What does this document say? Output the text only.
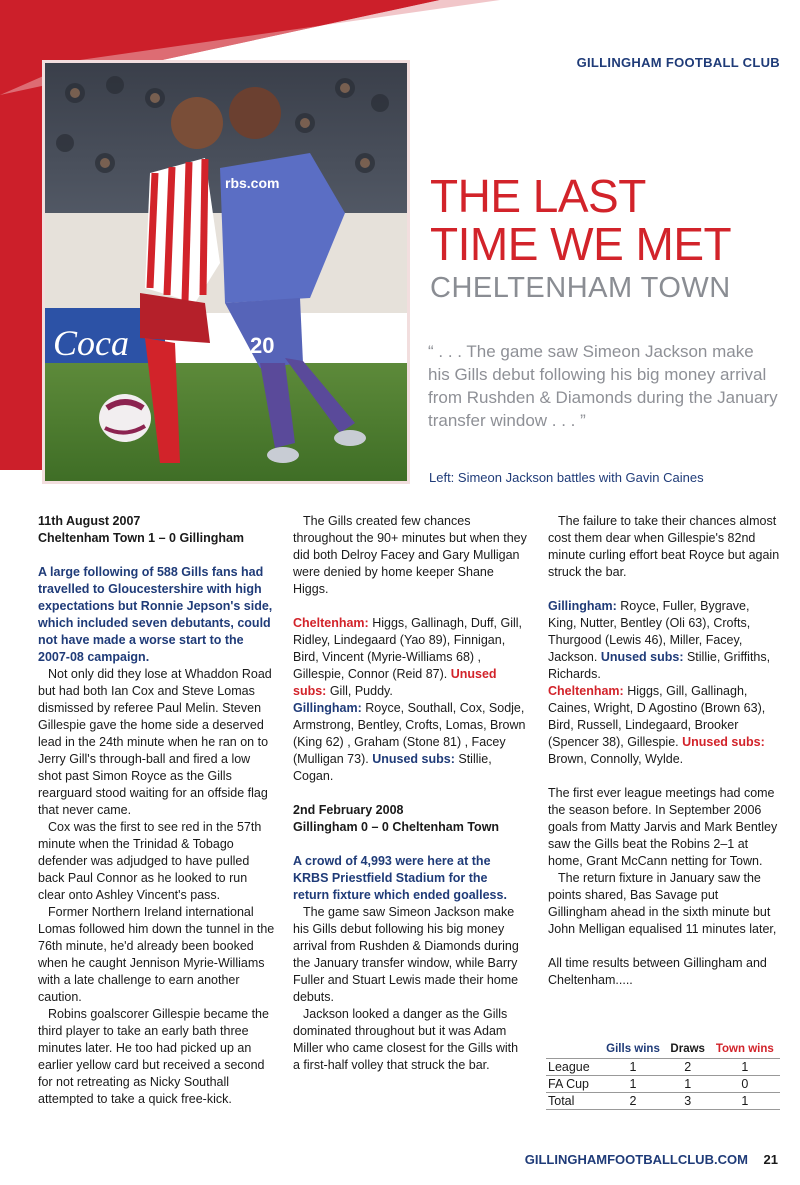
GILLINGHAM FOOTBALL CLUB
Coca
rbs.com
20
THE LAST
TIME WE MET
CHELTENHAM TOWN
“ . . . The game saw Simeon Jackson make his Gills debut following his big money arrival from Rushden & Diamonds during the January transfer window . . . ”
Left: Simeon Jackson battles with Gavin Caines

11th August 2007

Cheltenham Town 1 – 0 Gillingham

A large following of 588 Gills fans had travelled to Gloucestershire with high expectations but Ronnie Jepson's side, which included seven debutants, could not have made a worse start to the 2007-08 campaign.

Not only did they lose at Whaddon Road but had both Ian Cox and Steve Lomas dismissed by referee Paul Melin. Steven Gillespie gave the home side a deserved lead in the 24th minute when he ran on to Jerry Gill's through-ball and fired a low shot past Simon Royce as the Gills rearguard stood waiting for an offside flag that never came.

Cox was the first to see red in the 57th minute when the Trinidad & Tobago defender was adjudged to have pulled back Paul Connor as he looked to run clear onto Ashley Vincent's pass.

Former Northern Ireland international Lomas followed him down the tunnel in the 76th minute, he'd already been booked when he caught Jennison Myrie-Williams with a late challenge to earn another caution.

Robins goalscorer Gillespie became the third player to take an early bath three minutes later. He too had picked up an earlier yellow card but received a second for not retreating as Nicky Southall attempted to take a quick free-kick.

The Gills created few chances throughout the 90+ minutes but when they did both Delroy Facey and Gary Mulligan were denied by home keeper Shane Higgs.

Cheltenham: Higgs, Gallinagh, Duff, Gill, Ridley, Lindegaard (Yao 89), Finnigan, Bird, Vincent (Myrie-Williams 68) , Gillespie, Connor (Reid 87). Unused subs: Gill, Puddy.

Gillingham: Royce, Southall, Cox, Sodje, Armstrong, Bentley, Crofts, Lomas, Brown (King 62) , Graham (Stone 81) , Facey (Mulligan 73). Unused subs: Stillie, Cogan.

2nd February 2008

Gillingham 0 – 0 Cheltenham Town

A crowd of 4,993 were here at the KRBS Priestfield Stadium for the return fixture which ended goalless.

The game saw Simeon Jackson make his Gills debut following his big money arrival from Rushden & Diamonds during the January transfer window, while Barry Fuller and Stuart Lewis made their home debuts.

Jackson looked a danger as the Gills dominated throughout but it was Adam Miller who came closest for the Gills with a first-half volley that struck the bar.

The failure to take their chances almost cost them dear when Gillespie's 82nd minute curling effort beat Royce but again struck the bar.

Gillingham: Royce, Fuller, Bygrave, King, Nutter, Bentley (Oli 63), Crofts, Thurgood (Lewis 46), Miller, Facey, Jackson. Unused subs: Stillie, Griffiths, Richards.

Cheltenham: Higgs, Gill, Gallinagh, Caines, Wright, D Agostino (Brown 63), Bird, Russell, Lindegaard, Brooker (Spencer 38), Gillespie. Unused subs: Brown, Connolly, Wylde.

The first ever league meetings had come the season before. In September 2006 goals from Matty Jarvis and Mark Bentley saw the Gills beat the Robins 2–1 at home, Grant McCann netting for Town.

The return fixture in January saw the points shared, Bas Savage put Gillingham ahead in the sixth minute but John Melligan equalised 11 minutes later,

All time results between Gillingham and Cheltenham.....

	Gills wins	Draws	Town wins
League	1	2	1
FA Cup	1	1	0
Total	2	3	1
GILLINGHAMFOOTBALLCLUB.COM 21
